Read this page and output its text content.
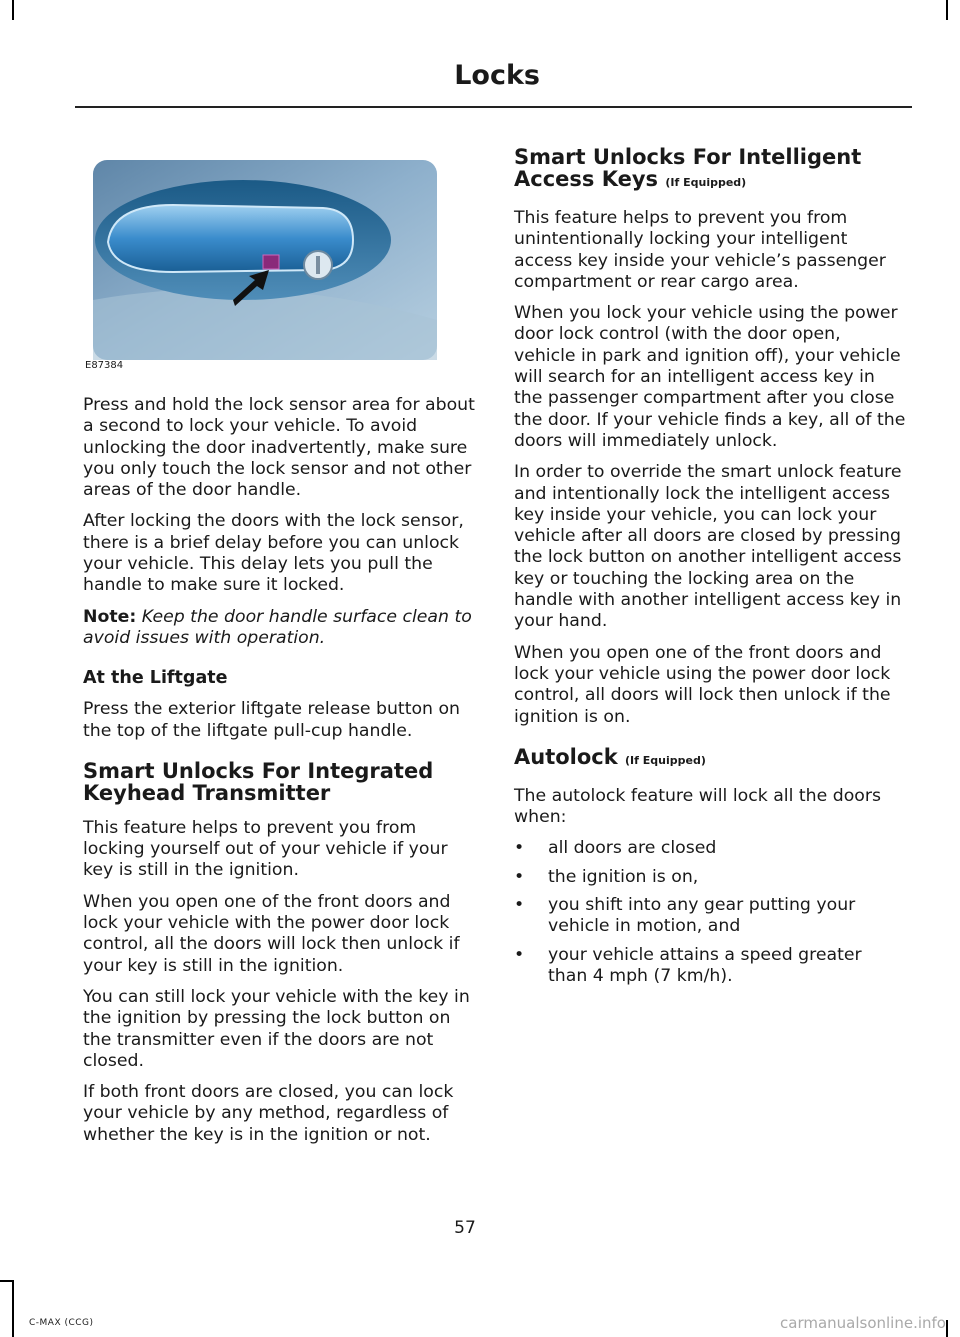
Locks
E87384

Press and hold the lock sensor area for about a second to lock your vehicle. To avoid unlocking the door inadvertently, make sure you only touch the lock sensor and not other areas of the door handle.

After locking the doors with the lock sensor, there is a brief delay before you can unlock your vehicle. This delay lets you pull the handle to make sure it locked.

Note: Keep the door handle surface clean to avoid issues with operation.

At the Liftgate

Press the exterior liftgate release button on the top of the liftgate pull-cup handle.

Smart Unlocks For Integrated Keyhead Transmitter

This feature helps to prevent you from locking yourself out of your vehicle if your key is still in the ignition.

When you open one of the front doors and lock your vehicle with the power door lock control, all the doors will lock then unlock if your key is still in the ignition.

You can still lock your vehicle with the key in the ignition by pressing the lock button on the transmitter even if the doors are not closed.

If both front doors are closed, you can lock your vehicle by any method, regardless of whether the key is in the ignition or not.

Smart Unlocks For Intelligent Access Keys (If Equipped)

This feature helps to prevent you from unintentionally locking your intelligent access key inside your vehicle’s passenger compartment or rear cargo area.

When you lock your vehicle using the power door lock control (with the door open, vehicle in park and ignition off), your vehicle will search for an intelligent access key in the passenger compartment after you close the door. If your vehicle finds a key, all of the doors will immediately unlock.

In order to override the smart unlock feature and intentionally lock the intelligent access key inside your vehicle, you can lock your vehicle after all doors are closed by pressing the lock button on another intelligent access key or touching the locking area on the handle with another intelligent access key in your hand.

When you open one of the front doors and lock your vehicle using the power door lock control, all doors will lock then unlock if the ignition is on.

Autolock (If Equipped)

The autolock feature will lock all the doors when:

• all doors are closed
• the ignition is on,
• you shift into any gear putting your vehicle in motion, and
• your vehicle attains a speed greater than 4 mph (7 km/h).
57
C-MAX (CCG)	carmanualsonline.info
